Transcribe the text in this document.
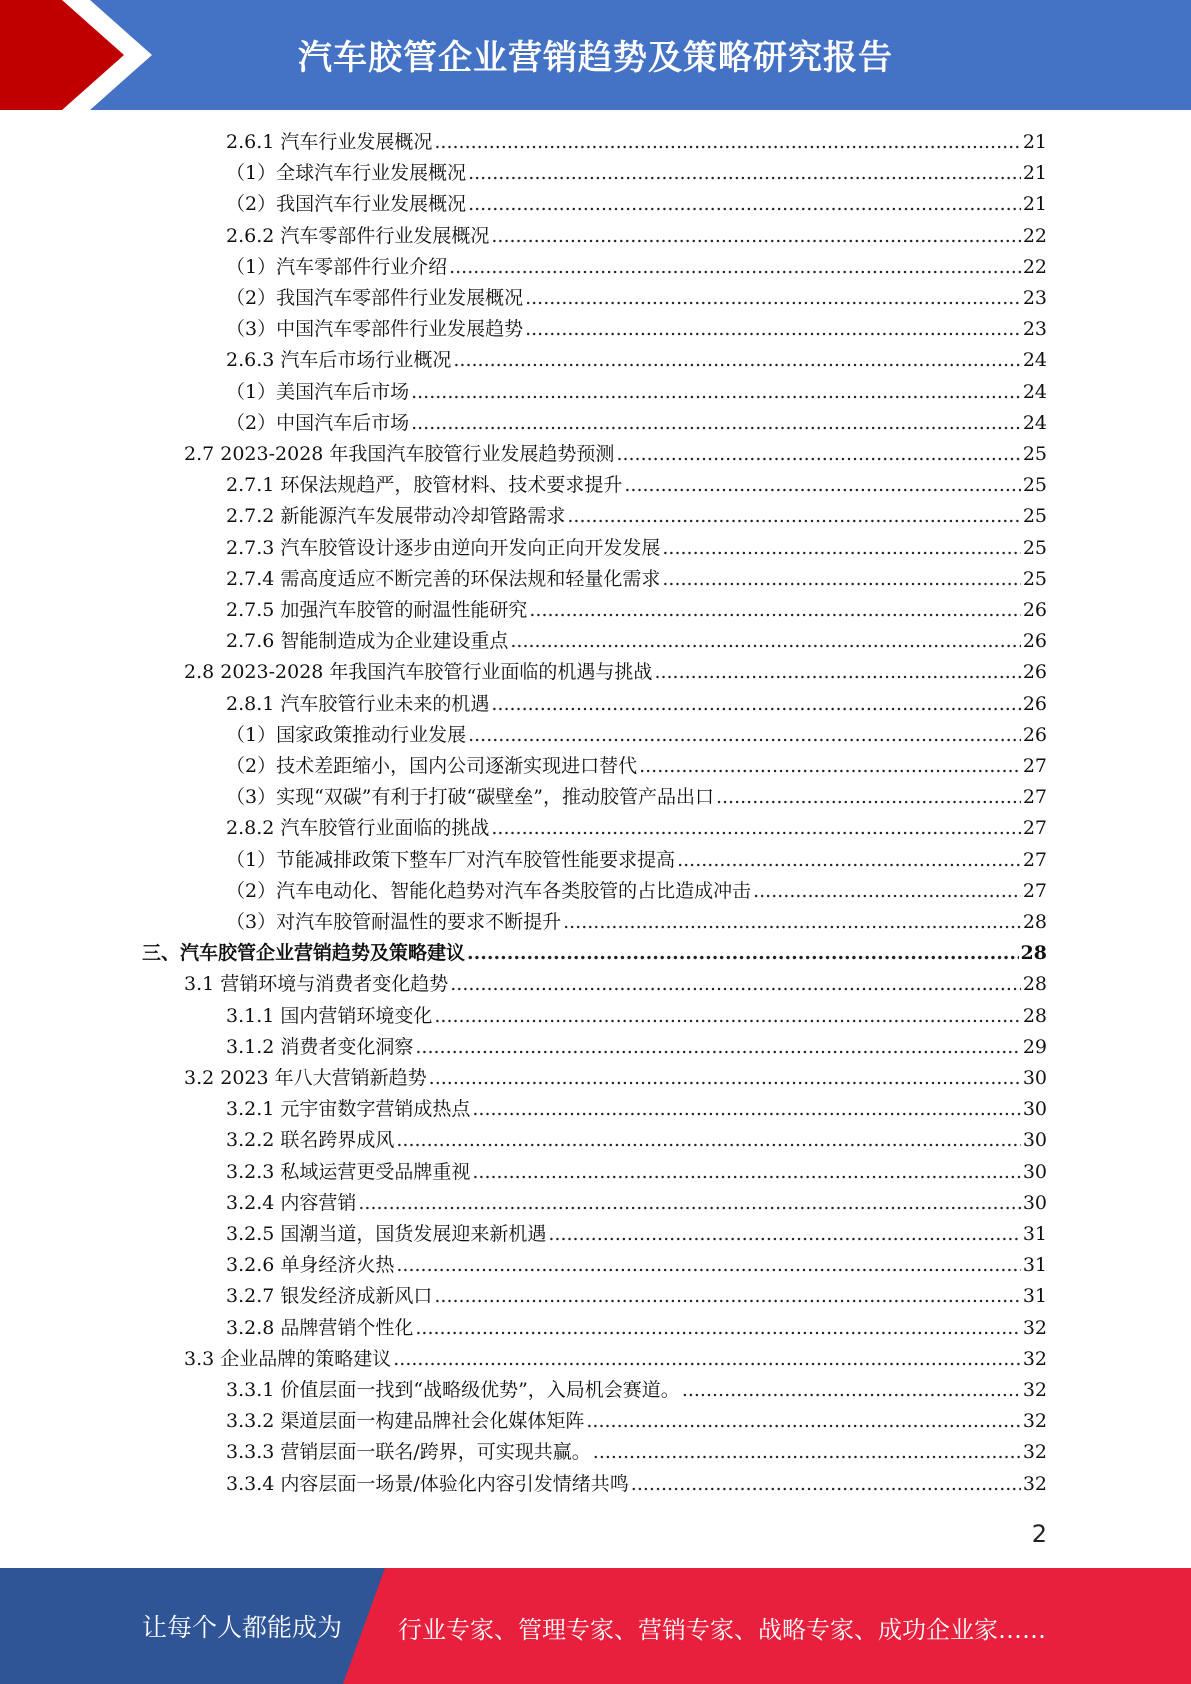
汽车胶管企业营销趋势及策略研究报告
2.6.1 汽车行业发展概况 .....	21
（1）全球汽车行业发展概况 .....	21
（2）我国汽车行业发展概况 .....	21
2.6.2 汽车零部件行业发展概况 .....	22
（1）汽车零部件行业介绍 .....	22
（2）我国汽车零部件行业发展概况 .....	23
（3）中国汽车零部件行业发展趋势 .....	23
2.6.3 汽车后市场行业概况 .....	24
（1）美国汽车后市场 .....	24
（2）中国汽车后市场 .....	24
2.7 2023-2028 年我国汽车胶管行业发展趋势预测 .....	25
2.7.1 环保法规趋严，胶管材料、技术要求提升 .....	25
2.7.2 新能源汽车发展带动冷却管路需求 .....	25
2.7.3 汽车胶管设计逐步由逆向开发向正向开发发展 .....	25
2.7.4 需高度适应不断完善的环保法规和轻量化需求 .....	25
2.7.5 加强汽车胶管的耐温性能研究 .....	26
2.7.6 智能制造成为企业建设重点 .....	26
2.8 2023-2028 年我国汽车胶管行业面临的机遇与挑战 .....	26
2.8.1 汽车胶管行业未来的机遇 .....	26
（1）国家政策推动行业发展 .....	26
（2）技术差距缩小，国内公司逐渐实现进口替代 .....	27
（3）实现“双碳”有利于打破“碳壁垒”，推动胶管产品出口 .....	27
2.8.2 汽车胶管行业面临的挑战 .....	27
（1）节能减排政策下整车厂对汽车胶管性能要求提高 .....	27
（2）汽车电动化、智能化趋势对汽车各类胶管的占比造成冲击 .....	27
（3）对汽车胶管耐温性的要求不断提升 .....	28
三、汽车胶管企业营销趋势及策略建议 .....	28
3.1 营销环境与消费者变化趋势 .....	28
3.1.1 国内营销环境变化 .....	28
3.1.2 消费者变化洞察 .....	29
3.2 2023 年八大营销新趋势 .....	30
3.2.1 元宇宙数字营销成热点 .....	30
3.2.2 联名跨界成风 .....	30
3.2.3 私域运营更受品牌重视 .....	30
3.2.4 内容营销 .....	30
3.2.5 国潮当道，国货发展迎来新机遇 .....	31
3.2.6 单身经济火热 .....	31
3.2.7 银发经济成新风口 .....	31
3.2.8 品牌营销个性化 .....	32
3.3 企业品牌的策略建议 .....	32
3.3.1 价值层面一找到“战略级优势”，入局机会赛道。 .....	32
3.3.2 渠道层面一构建品牌社会化媒体矩阵 .....	32
3.3.3 营销层面一联名/跨界，可实现共赢。 .....	32
3.3.4 内容层面一场景/体验化内容引发情绪共鸣 .....	32
2
让每个人都能成为 行业专家、管理专家、营销专家、战略专家、成功企业家……
